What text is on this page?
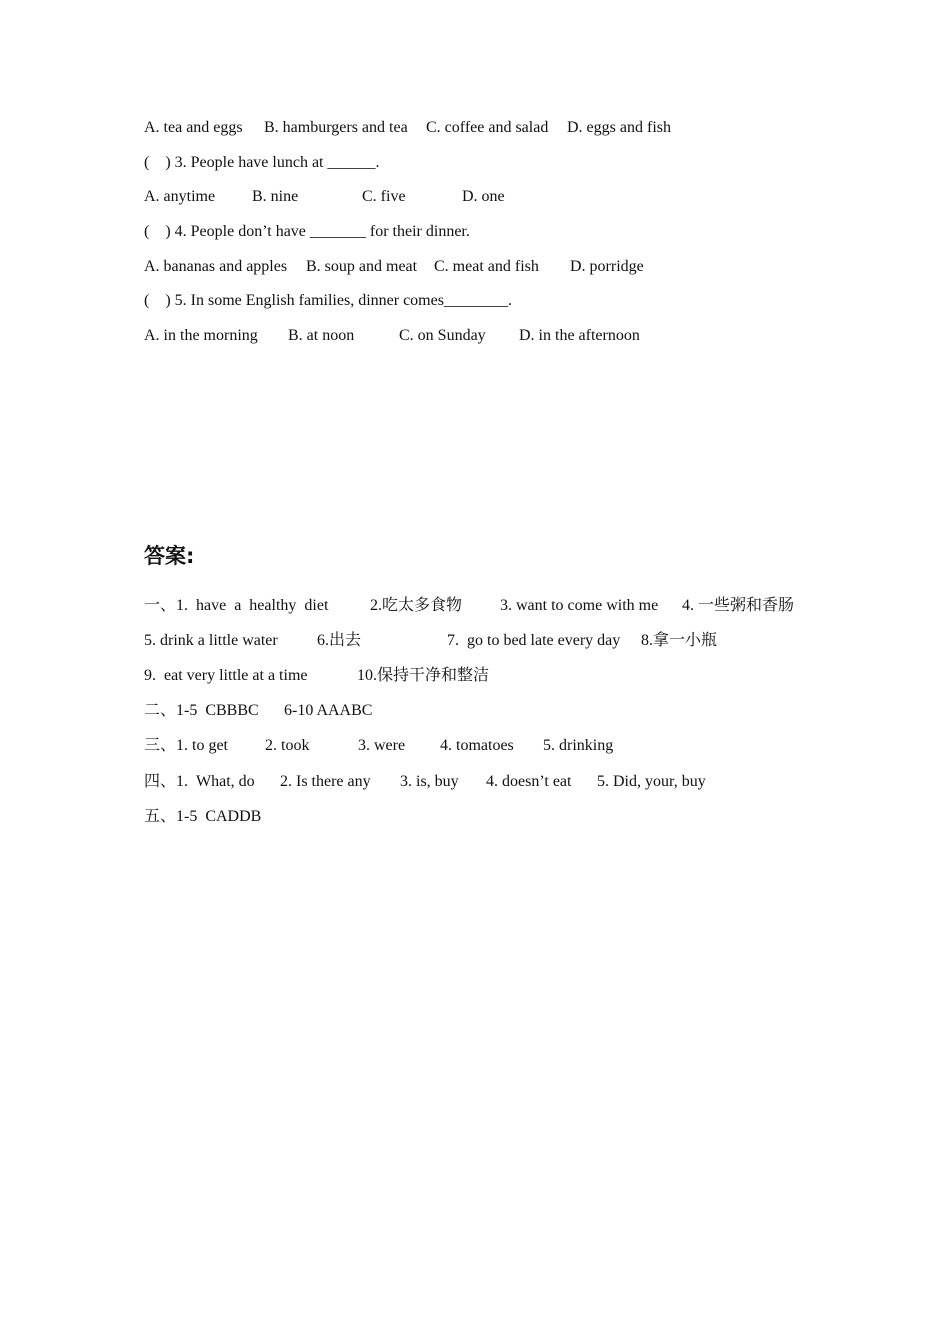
A. tea and eggs

B. hamburgers and tea

C. coffee and salad

D. eggs and fish

(    ) 3. People have lunch at ______.

A. anytime

B. nine

	C. five

	D. one

(    ) 4. People don’t have _______ for their dinner.

A. bananas and apples

B. soup and meat

C. meat and fish

D. porridge

(    ) 5. In some English families, dinner comes________.

A. in the morning

B. at noon

	C. on Sunday

D. in the afternoon

答案:

一、1.  have  a  healthy  diet

	2.吃太多食物

3. want to come with me

4. 一些粥和香肠

5. drink a little water

6.出去

	7.  go to bed late every day

8.拿一小瓶

9.  eat very little at a time

	10.保持干净和整洁

二、1-5  CBBBC

6-10 AAABC

三、1. to get

2. took

	3. were

4. tomatoes

5. drinking

四、1.  What, do

2. Is there any

3. is, buy

4. doesn’t eat

5. Did, your, buy

五、1-5  CADDB
